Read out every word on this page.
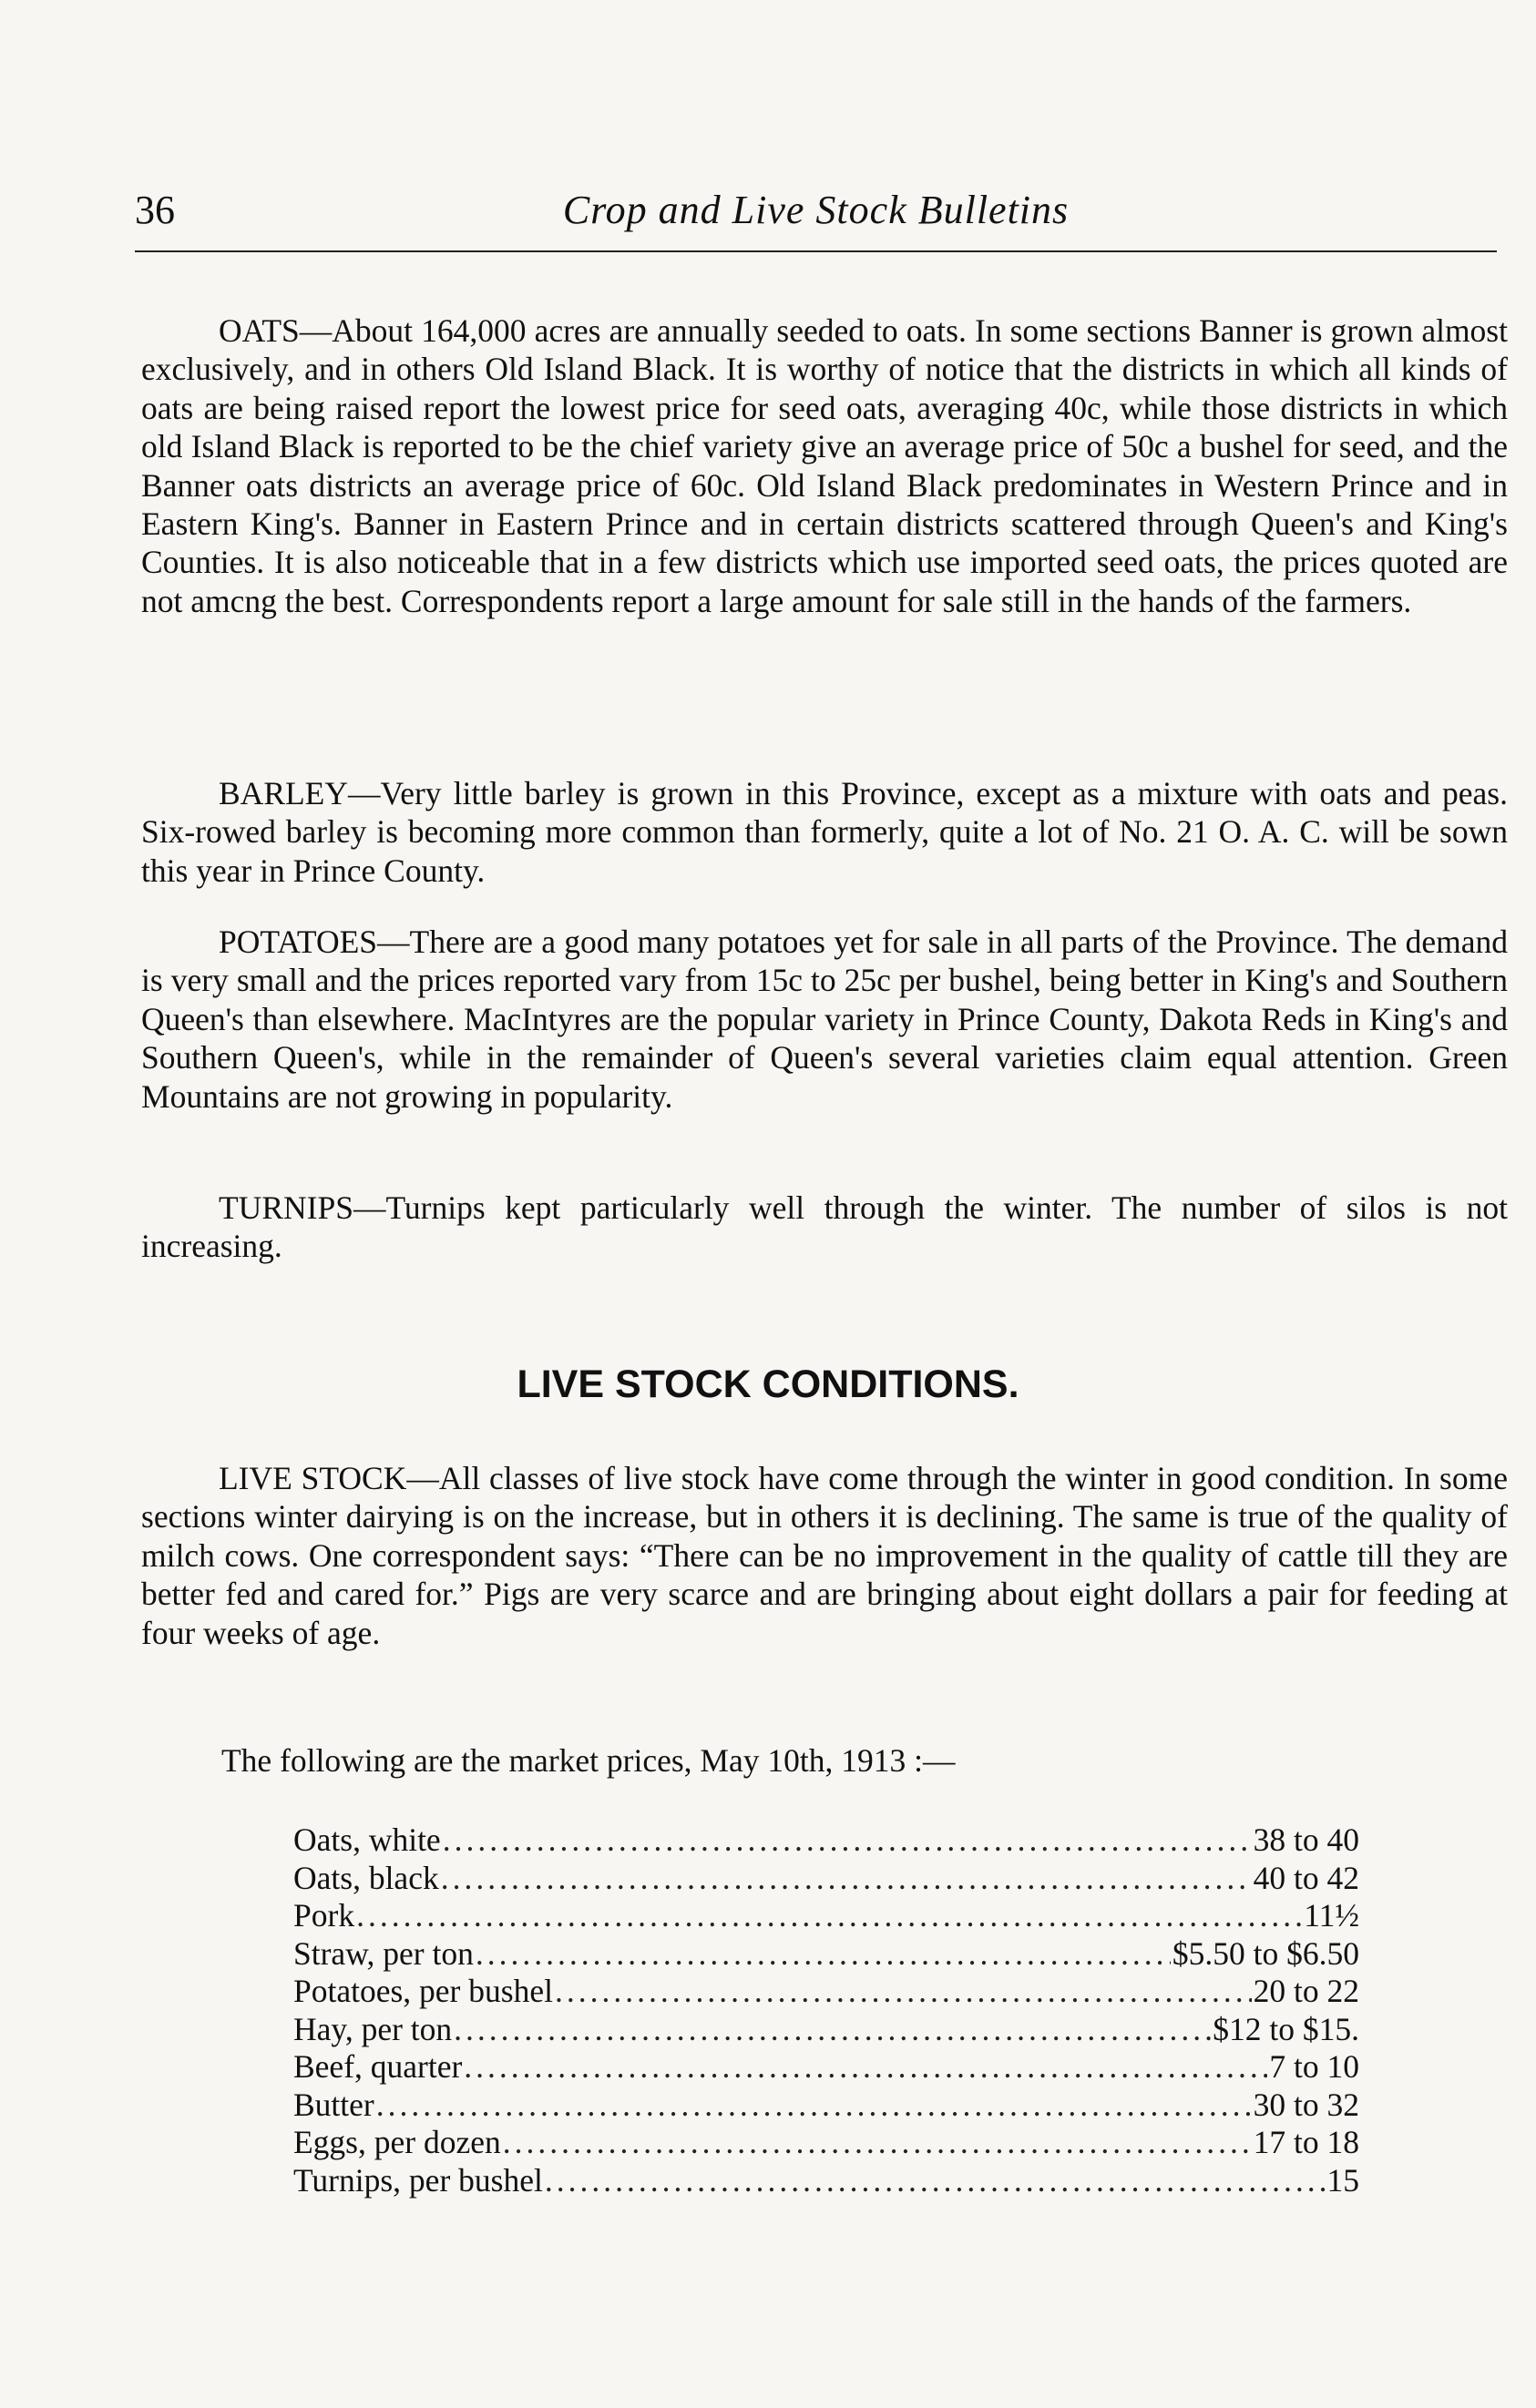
36	Crop and Live Stock Bulletins

OATS—About 164,000 acres are annually seeded to oats. In some sections Banner is grown almost exclusively, and in others Old Island Black. It is worthy of notice that the districts in which all kinds of oats are being raised report the lowest price for seed oats, averaging 40c, while those districts in which old Island Black is reported to be the chief variety give an average price of 50c a bushel for seed, and the Banner oats districts an average price of 60c. Old Island Black predominates in Western Prince and in Eastern King's. Banner in Eastern Prince and in certain districts scattered through Queen's and King's Counties. It is also noticeable that in a few districts which use imported seed oats, the prices quoted are not amcng the best. Correspondents report a large amount for sale still in the hands of the farmers.

BARLEY—Very little barley is grown in this Province, except as a mixture with oats and peas. Six-rowed barley is becoming more common than formerly, quite a lot of No. 21 O. A. C. will be sown this year in Prince County.

POTATOES—There are a good many potatoes yet for sale in all parts of the Province. The demand is very small and the prices reported vary from 15c to 25c per bushel, being better in King's and Southern Queen's than elsewhere. MacIntyres are the popular variety in Prince County, Dakota Reds in King's and Southern Queen's, while in the remainder of Queen's several varieties claim equal attention. Green Mountains are not growing in popularity.

TURNIPS—Turnips kept particularly well through the winter. The number of silos is not increasing.

LIVE STOCK CONDITIONS.

LIVE STOCK—All classes of live stock have come through the winter in good condition. In some sections winter dairying is on the increase, but in others it is declining. The same is true of the quality of milch cows. One correspondent says: “There can be no improvement in the quality of cattle till they are better fed and cared for.” Pigs are very scarce and are bringing about eight dollars a pair for feeding at four weeks of age.

The following are the market prices, May 10th, 1913 :—
Oats, white .....	38 to 40
Oats, black .....	40 to 42
Pork .....	11½
Straw, per ton .....	$5.50 to $6.50
Potatoes, per bushel .....	20 to 22
Hay, per ton .....	$12 to $15.
Beef, quarter .....	7 to 10
Butter .....	30 to 32
Eggs, per dozen .....	17 to 18
Turnips, per bushel .....	15
